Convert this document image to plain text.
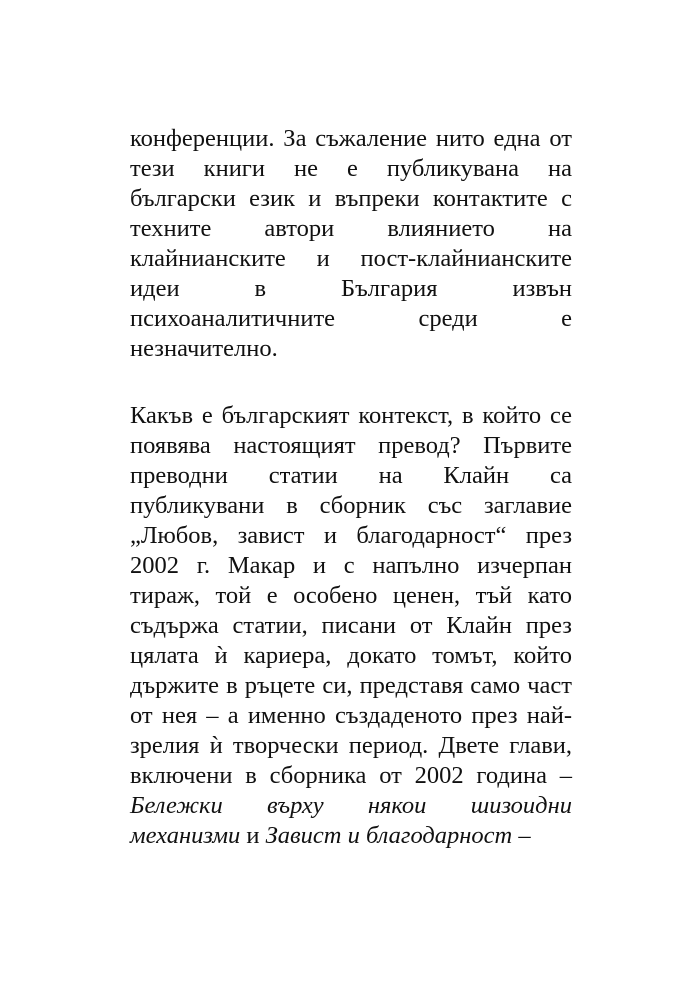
конференции. За съжаление нито една от
тези книги не е публикувана на
български език и въпреки контактите с
техните автори влиянието на
клайнианските и пост-клайнианските
идеи в България извън
психоаналитичните среди е
незначително.
Какъв е българският контекст, в който се
появява настоящият превод? Първите
преводни статии на Клайн са
публикувани в сборник със заглавие
„Любов, завист и благодарност“ през
2002 г. Макар и с напълно изчерпан
тираж, той е особено ценен, тъй като
съдържа статии, писани от Клайн през
цялата ѝ кариера, докато томът, който
държите в ръцете си, представя само част
от нея – а именно създаденото през най-
зрелия ѝ творчески период. Двете глави,
включени в сборника от 2002 година –
Бележки върху някои шизоидни
механизми и Завист и благодарност –
